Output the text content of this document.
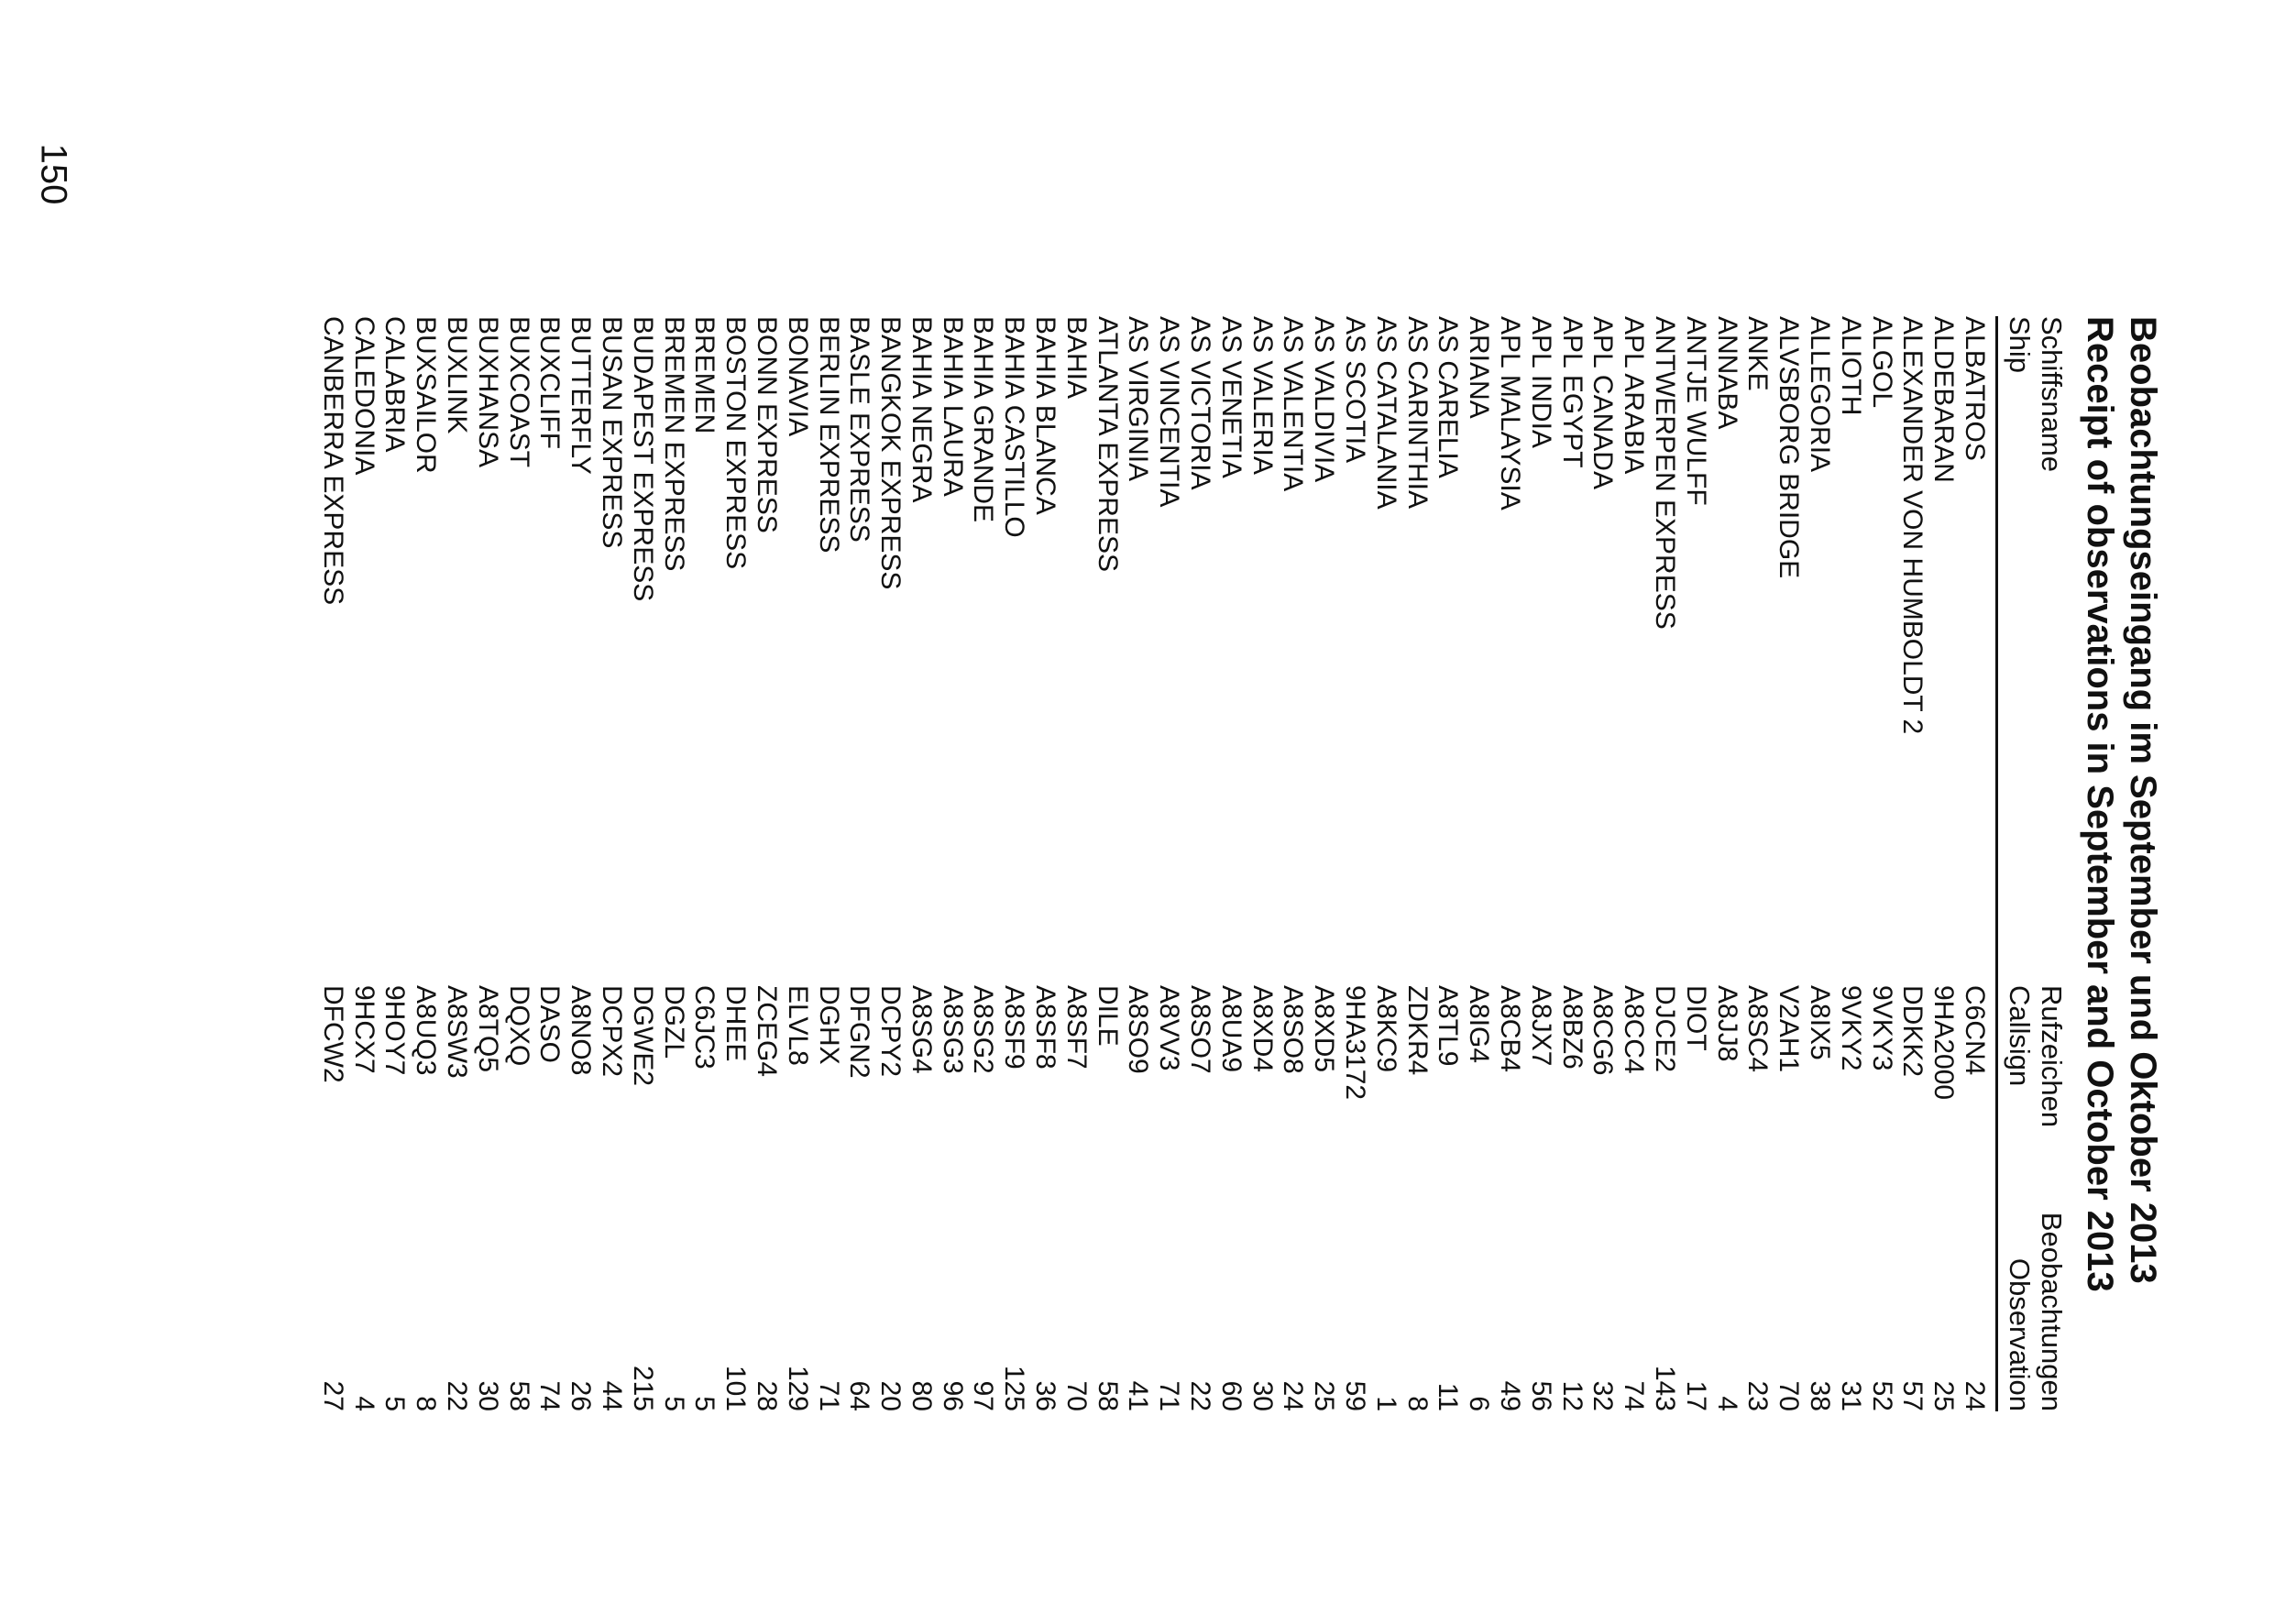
150
Beobachtungseingang im September und Oktober 2013
Receipt of observations in September and October 2013
Schiffsname
Ship
Rufzeichen
Callsign
Beobachtungen
Observation
ALBATROS
C6CN4
24
ALDEBARAN
9HA2000
25
ALEXANDER VON HUMBOLDT 2
DDKK2
57
ALGOL
9VKY3
52
ALIOTH
9VKY2
31
ALLEGORIA
A8IX5
38
ALVSBORG BRIDGE
V2AH1
70
ANKE
A8SC4
23
ANNABA
A8JJ8
4
ANTJE WULFF
DIOT
17
ANTWERPEN EXPRESS
DJCE2
143
APL ARABIA
A8CC4
74
APL CANADA
A8CG6
32
APL EGYPT
A8BZ6
12
APL INDIA
A8JX7
56
APL MALAYSIA
A8CB4
49
ARIANA
A8IG4
6
AS CARELIA
A8TL9
11
AS CARINTHIA
ZDKR4
8
AS CATALANIA
A8KC9
1
AS SCOTIA
9HA3172
59
AS VALDIVIA
A8XD5
25
AS VALENTIA
A8SO8
24
AS VALERIA
A8XD4
30
AS VENETIA
A8UA9
60
AS VICTORIA
A8SO7
22
AS VINCENTIA
A8VV3
71
AS VIRGINIA
A8SO9
41
ATLANTA EXPRESS
DILE
58
BAHIA
A8SF7
70
BAHIA BLANCA
A8SF8
36
BAHIA CASTILLO
A8SF9
125
BAHIA GRANDE
A8SG2
97
BAHIA LAURA
A8SG3
96
BAHIA NEGRA
A8SG4
80
BANGKOK EXPRESS
DCPY2
20
BASLE EXPRESS
DFGN2
64
BERLIN EXPRESS
DGHX
71
BONAVIA
ELVL8
129
BONN EXPRESS
ZCEG4
28
BOSTON EXPRESS
DHEE
101
BREMEN
C6JC3
5
BREMEN EXPRESS
DGZL
5
BUDAPEST EXPRESS
DGWE2
215
BUSAN EXPRESS
DCPX2
44
BUTTERFLY
A8NO8
26
BUXCLIFF
DASO
74
BUXCOAST
DQXQ
58
BUXHANSA
A8TQ5
30
BUXLINK
A8SW3
22
BUXSAILOR
A8UQ3
8
CALABRIA
9HOY7
5
CALEDONIA
9HCX7
4
CANBERRA EXPRESS
DFCW2
27
